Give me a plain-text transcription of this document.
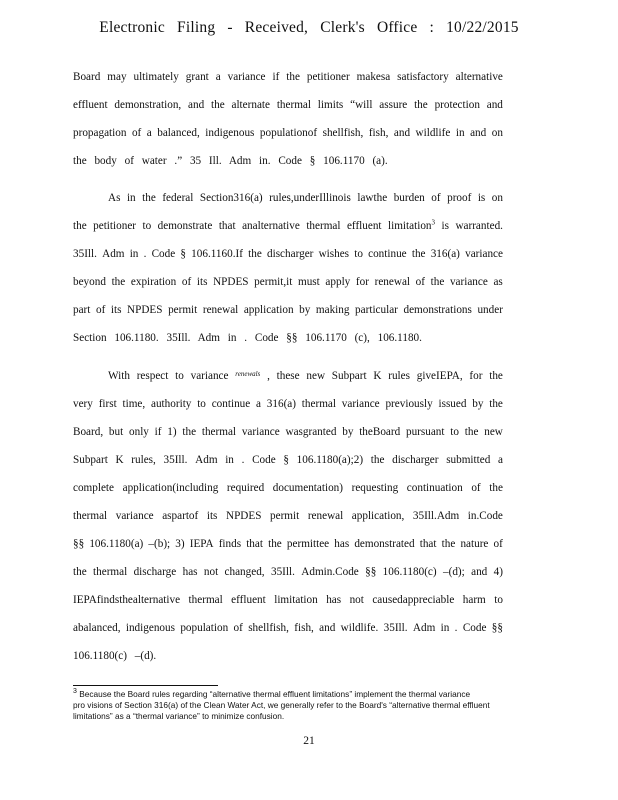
Electronic Filing - Received, Clerk's Office : 10/22/2015
Board may ultimately grant a variance if the petitioner makesa satisfactory alternative
effluent demonstration, and the alternate thermal limits “will assure the protection and
propagation of a balanced, indigenous populationof shellfish, fish, and wildlife in and on
the body of water .” 35 Ill. Adm in. Code § 106.1170 (a).
As in the federal Section316(a) rules,underIllinois lawthe burden of proof is on
the petitioner to demonstrate that analternative thermal effluent limitation$^3$ is warranted.
35Ill. Adm in . Code § 106.1160.If the discharger wishes to continue the 316(a) variance
beyond the expiration of its NPDES permit,it must apply for renewal of the variance as
part of its NPDES permit renewal application by making particular demonstrations under
Section 106.1180. 35Ill. Adm in . Code §§ 106.1170 (c), 106.1180.
With respect to variance renewals , these new Subpart K rules giveIEPA, for the
very first time, authority to continue a 316(a) thermal variance previously issued by the
Board, but only if 1) the thermal variance wasgranted by theBoard pursuant to the new
Subpart K rules, 35Ill. Adm in . Code § 106.1180(a);2) the discharger submitted a
complete application(including required documentation) requesting continuation of the
thermal variance aspartof its NPDES permit renewal application, 35Ill.Adm in.Code
§§ 106.1180(a) –(b); 3) IEPA finds that the permittee has demonstrated that the nature of
the thermal discharge has not changed, 35Ill. Admin.Code §§ 106.1180(c) –(d); and 4)
IEPAfindsthealternative thermal effluent limitation has not causedappreciable harm to
abalanced, indigenous population of shellfish, fish, and wildlife. 35Ill. Adm in . Code §§
106.1180(c) –(d).
$^3$ Because the Board rules regarding “alternative thermal effluent limitations” implement the thermal variance
pro visions of Section 316(a) of the Clean Water Act, we generally refer to the Board's “alternative thermal effluent
limitations” as a “thermal variance” to minimize confusion.
21
